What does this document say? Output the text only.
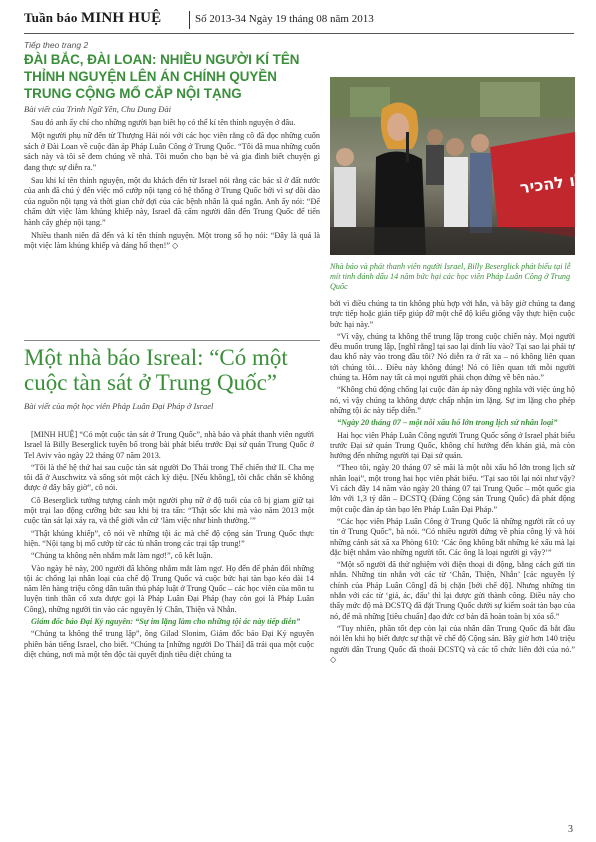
Tuần báo MINH HUỆ	Số 2013-34 Ngày 19 tháng 08 năm 2013
Tiếp theo trang 2
ĐÀI BẮC, ĐÀI LOAN: NHIỀU NGƯỜI KÍ TÊN THỈNH NGUYỆN LÊN ÁN CHÍNH QUYỀN TRUNG CỘNG MỔ CẮP NỘI TẠNG
Bài viết của Trình Ngữ Yên, Chu Dung Đài

Sau đó anh ấy chỉ cho những người bạn biết họ có thể kí tên thỉnh nguyện ở đâu.

Một người phụ nữ đến từ Thượng Hải nói với các học viên rằng cô đã đọc những cuốn sách ở Đài Loan về cuộc đàn áp Pháp Luân Công ở Trung Quốc. “Tôi đã mua những cuốn sách này và tôi sẽ đem chúng về nhà. Tôi muốn cho bạn bè và gia đình biết chuyện gì đang thực sự diễn ra.”

Sau khi kí tên thỉnh nguyện, một du khách đến từ Israel nói rằng các bác sĩ ở đất nước của anh đã chú ý đến việc mổ cướp nội tạng có hệ thống ở Trung Quốc bởi vì sự dồi dào của nguồn nội tạng và thời gian chờ đợi của các bệnh nhân là quá ngắn. Anh ấy nói: “Để chấm dứt việc làm khủng khiếp này, Israel đã cấm người dân đến Trung Quốc để tiến hành cấy ghép nội tạng.”

Nhiều thanh niên đã đến và kí tên thỉnh nguyện. Một trong số họ nói: “Đây là quá là một việc làm khủng khiếp và đáng hổ thẹn!” ◇

לו להכיר
Nhà báo và phát thanh viên người Israel, Billy Beserglick phát biểu tại lễ mít tinh đánh dấu 14 năm bức hại các học viên Pháp Luân Công ở Trung Quốc
Một nhà báo Isreal: “Có một cuộc tàn sát ở Trung Quốc”
Bài viết của một học viên Pháp Luân Đại Pháp ở Israel

[MINH HUỆ] “Có một cuộc tàn sát ở Trung Quốc”, nhà báo và phát thanh viên người Israel là Billy Beserglick tuyên bố trong bài phát biểu trước Đại sứ quán Trung Quốc ở Tel Aviv vào ngày 22 tháng 07 năm 2013.

“Tôi là thế hệ thứ hai sau cuộc tàn sát người Do Thái trong Thế chiến thứ II. Cha mẹ tôi đã ở Auschwitz và sống sót một cách kỳ diệu. [Nếu không], tôi chắc chắn sẽ không được ở đây bây giờ”, cô nói.

Cô Beserglick tưởng tượng cảnh một người phụ nữ ở độ tuổi của cô bị giam giữ tại một trại lao động cưỡng bức sau khi bị tra tấn: “Thật sốc khi mà vào năm 2013 một cuộc tàn sát lại xảy ra, và thế giới vẫn cứ ‘làm việc như bình thường.’”

“Thật khủng khiếp”, cô nói về những tội ác mà chế độ cộng sản Trung Quốc thực hiện. “Nội tạng bị mổ cướp từ các tù nhân trong các trại tập trung!”

“Chúng ta không nên nhắm mắt làm ngơ!”, cô kết luận.

Vào ngày hè này, 200 người đã không nhắm mắt làm ngơ. Họ đến để phản đối những tội ác chống lại nhân loại của chế độ Trung Quốc và cuộc bức hại tàn bạo kéo dài 14 năm lên hàng triệu công dân tuân thủ pháp luật ở Trung Quốc – các học viên của môn tu luyện tinh thần cổ xưa được gọi là Pháp Luân Đại Pháp (hay còn gọi là Pháp Luân Công), những người tin vào các nguyên lý Chân, Thiện và Nhẫn.

Giám đốc báo Đại Kỷ nguyên: “Sự im lặng làm cho những tội ác này tiếp diễn”

“Chúng ta không thể trung lập”, ông Gilad Slonim, Giám đốc báo Đại Kỷ nguyên phiên bản tiếng Israel, cho biết. “Chúng ta [những người Do Thái] đã trải qua một cuộc diệt chủng, nơi mà một tên độc tài quyết định tiêu diệt chúng ta

bởi vì điều chúng ta tin không phù hợp với hắn, và bây giờ chúng ta đang trực tiếp hoặc gián tiếp giúp đỡ một chế độ kiểu giống vậy thực hiện cuộc bức hại này.”

“Vì vậy, chúng ta không thể trung lập trong cuộc chiến này. Mọi người đều muốn trung lập, [nghĩ rằng] tại sao lại dính líu vào? Tại sao lại phải tự đau khổ này vào trong đầu tôi? Nó diễn ra ở rất xa – nó không liên quan tới chúng tôi… Điều này không đúng! Nó có liên quan tới mỗi người chúng ta. Hôm nay tất cả mọi người phải chọn đứng về bên nào.”

“Không chủ động chống lại cuộc đàn áp này đồng nghĩa với việc ủng hộ nó, vì vậy chúng ta không được chấp nhận im lặng. Sự im lặng cho phép những tội ác này tiếp diễn.”

“Ngày 20 tháng 07 – một nỗi xấu hổ lớn trong lịch sử nhân loại”

Hai học viên Pháp Luân Công người Trung Quốc sống ở Israel phát biểu trước Đại sứ quán Trung Quốc, không chỉ hướng đến khán giả, mà còn hướng đến những người tại Đại sứ quán.

“Theo tôi, ngày 20 tháng 07 sẽ mãi là một nỗi xấu hổ lớn trong lịch sử nhân loại”, một trong hai học viên phát biểu. “Tại sao tôi lại nói như vậy? Vì cách đây 14 năm vào ngày 20 tháng 07 tại Trung Quốc – một quốc gia lớn với 1,3 tỷ dân – ĐCSTQ (Đảng Cộng sản Trung Quốc) đã phát động một cuộc đàn áp tàn bạo lên Pháp Luân Đại Pháp.”

“Các học viên Pháp Luân Công ở Trung Quốc là những người rất có uy tín ở Trung Quốc”, bà nói. “Có nhiều người đứng về phía công lý và hỏi những cảnh sát xã xa Phòng 610: ‘Các ông không bắt những kẻ xấu mà lại đặc biệt nhắm vào những người tốt. Các ông là loại người gì vậy?’”

“Một số người đã thử nghiệm với điện thoại di động, bằng cách gửi tin nhắn. Những tin nhắn với các từ ‘Chân, Thiện, Nhẫn’ [các nguyên lý chính của Pháp Luân Công] đã bị chặn [bởi chế độ]. Nhưng những tin nhắn với các từ ‘giả, ác, đấu’ thì lại được gửi thành công. Điều này cho thấy mức độ mà ĐCSTQ đã đặt Trung Quốc dưới sự kiểm soát tàn bạo của nó, để mà những [tiêu chuẩn] đạo đức cơ bản đã hoàn toàn bị xóa sổ.”

“Tuy nhiên, phần tốt đẹp còn lại của nhân dân Trung Quốc đã bắt đầu nói lên khi họ biết được sự thật về chế độ Cộng sản. Bây giờ hơn 140 triệu người dân Trung Quốc đã thoái ĐCSTQ và các tổ chức liên đới của nó.” ◇

3
